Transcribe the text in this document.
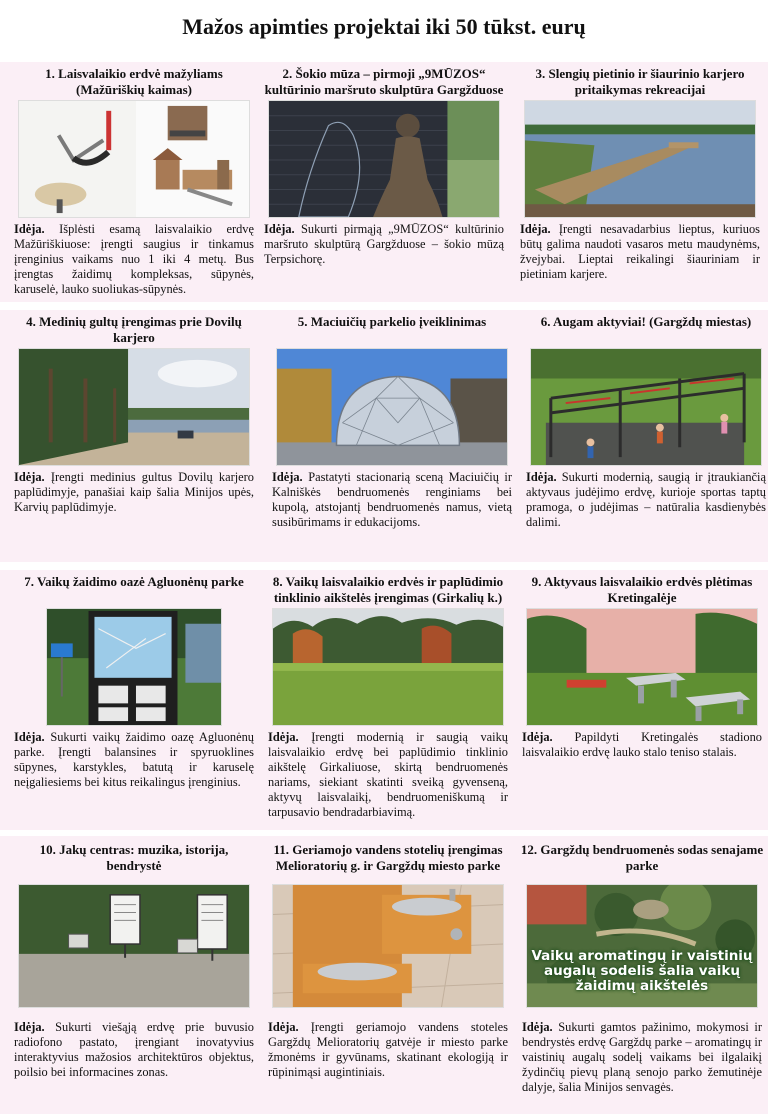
Mažos apimties projektai iki 50 tūkst. eurų
1. Laisvalaikio erdvė mažyliams (Mažūriškių kaimas)
Idėja. Išplėsti esamą laisvalaikio erdvę Mažūriškiuose: įrengti saugius ir tinkamus įrenginius vaikams nuo 1 iki 4 metų. Bus įrengtas žaidimų kompleksas, sūpynės, karuselė, lauko suoliukas-sūpynės.
2. Šokio mūza – pirmoji „9MŪZOS“ kultūrinio maršruto skulptūra Gargžduose
Idėja. Sukurti pirmąją „9MŪZOS“ kultūrinio maršruto skulptūrą Gargžduose – šokio mūzą Terpsichorę.
3. Slengių pietinio ir šiaurinio karjero pritaikymas rekreacijai
Idėja. Įrengti nesavadarbius lieptus, kuriuos būtų galima naudoti vasaros metu maudynėms, žvejybai. Lieptai reikalingi šiauriniam ir pietiniam karjere.
4. Medinių gultų įrengimas prie Dovilų karjero
Idėja. Įrengti medinius gultus Dovilų karjero paplūdimyje, panašiai kaip šalia Minijos upės, Karvių paplūdimyje.
5. Maciuičių parkelio įveiklinimas
Idėja. Pastatyti stacionarią sceną Maciuičių ir Kalniškės bendruomenės renginiams bei kupolą, atstojantį bendruomenės namus, vietą susibūrimams ir edukacijoms.
6. Augam aktyviai! (Gargždų miestas)
Idėja. Sukurti modernią, saugią ir įtraukiančią aktyvaus judėjimo erdvę, kurioje sportas taptų pramoga, o judėjimas – natūralia kasdienybės dalimi.
7. Vaikų žaidimo oazė Agluonėnų parke
Idėja. Sukurti vaikų žaidimo oazę Agluonėnų parke. Įrengti balansines ir spyruoklines sūpynes, karstykles, batutą ir karuselę neįgaliesiems bei kitus reikalingus įrenginius.
8. Vaikų laisvalaikio erdvės ir paplūdimio tinklinio aikštelės įrengimas (Girkalių k.)
Idėja. Įrengti modernią ir saugią vaikų laisvalaikio erdvę bei paplūdimio tinklinio aikštelę Girkaliuose, skirtą bendruomenės nariams, siekiant skatinti sveiką gyvenseną, aktyvų laisvalaikį, bendruomeniškumą ir tarpusavio bendradarbiavimą.
9. Aktyvaus laisvalaikio erdvės plėtimas Kretingalėje
Idėja. Papildyti Kretingalės stadiono laisvalaikio erdvę lauko stalo teniso stalais.
10. Jakų centras: muzika, istorija, bendrystė
Idėja. Sukurti viešąją erdvę prie buvusio radiofono pastato, įrengiant inovatyvius interaktyvius mažosios architektūros objektus, poilsio bei informacines zonas.
11. Geriamojo vandens stotelių įrengimas Melioratorių g. ir Gargždų miesto parke
Idėja. Įrengti geriamojo vandens stoteles Gargždų Melioratorių gatvėje ir miesto parke žmonėms ir gyvūnams, skatinant ekologiją ir rūpinimąsi augintiniais.
12. Gargždų bendruomenės sodas senajame parke
Vaikų aromatingų ir vaistinių augalų sodelis šalia vaikų žaidimų aikštelės
Idėja. Sukurti gamtos pažinimo, mokymosi ir bendrystės erdvę Gargždų parke – aromatingų ir vaistinių augalų sodelį vaikams bei ilgalaikį žydinčių pievų planą senojo parko žemutinėje dalyje, šalia Minijos senvagės.
